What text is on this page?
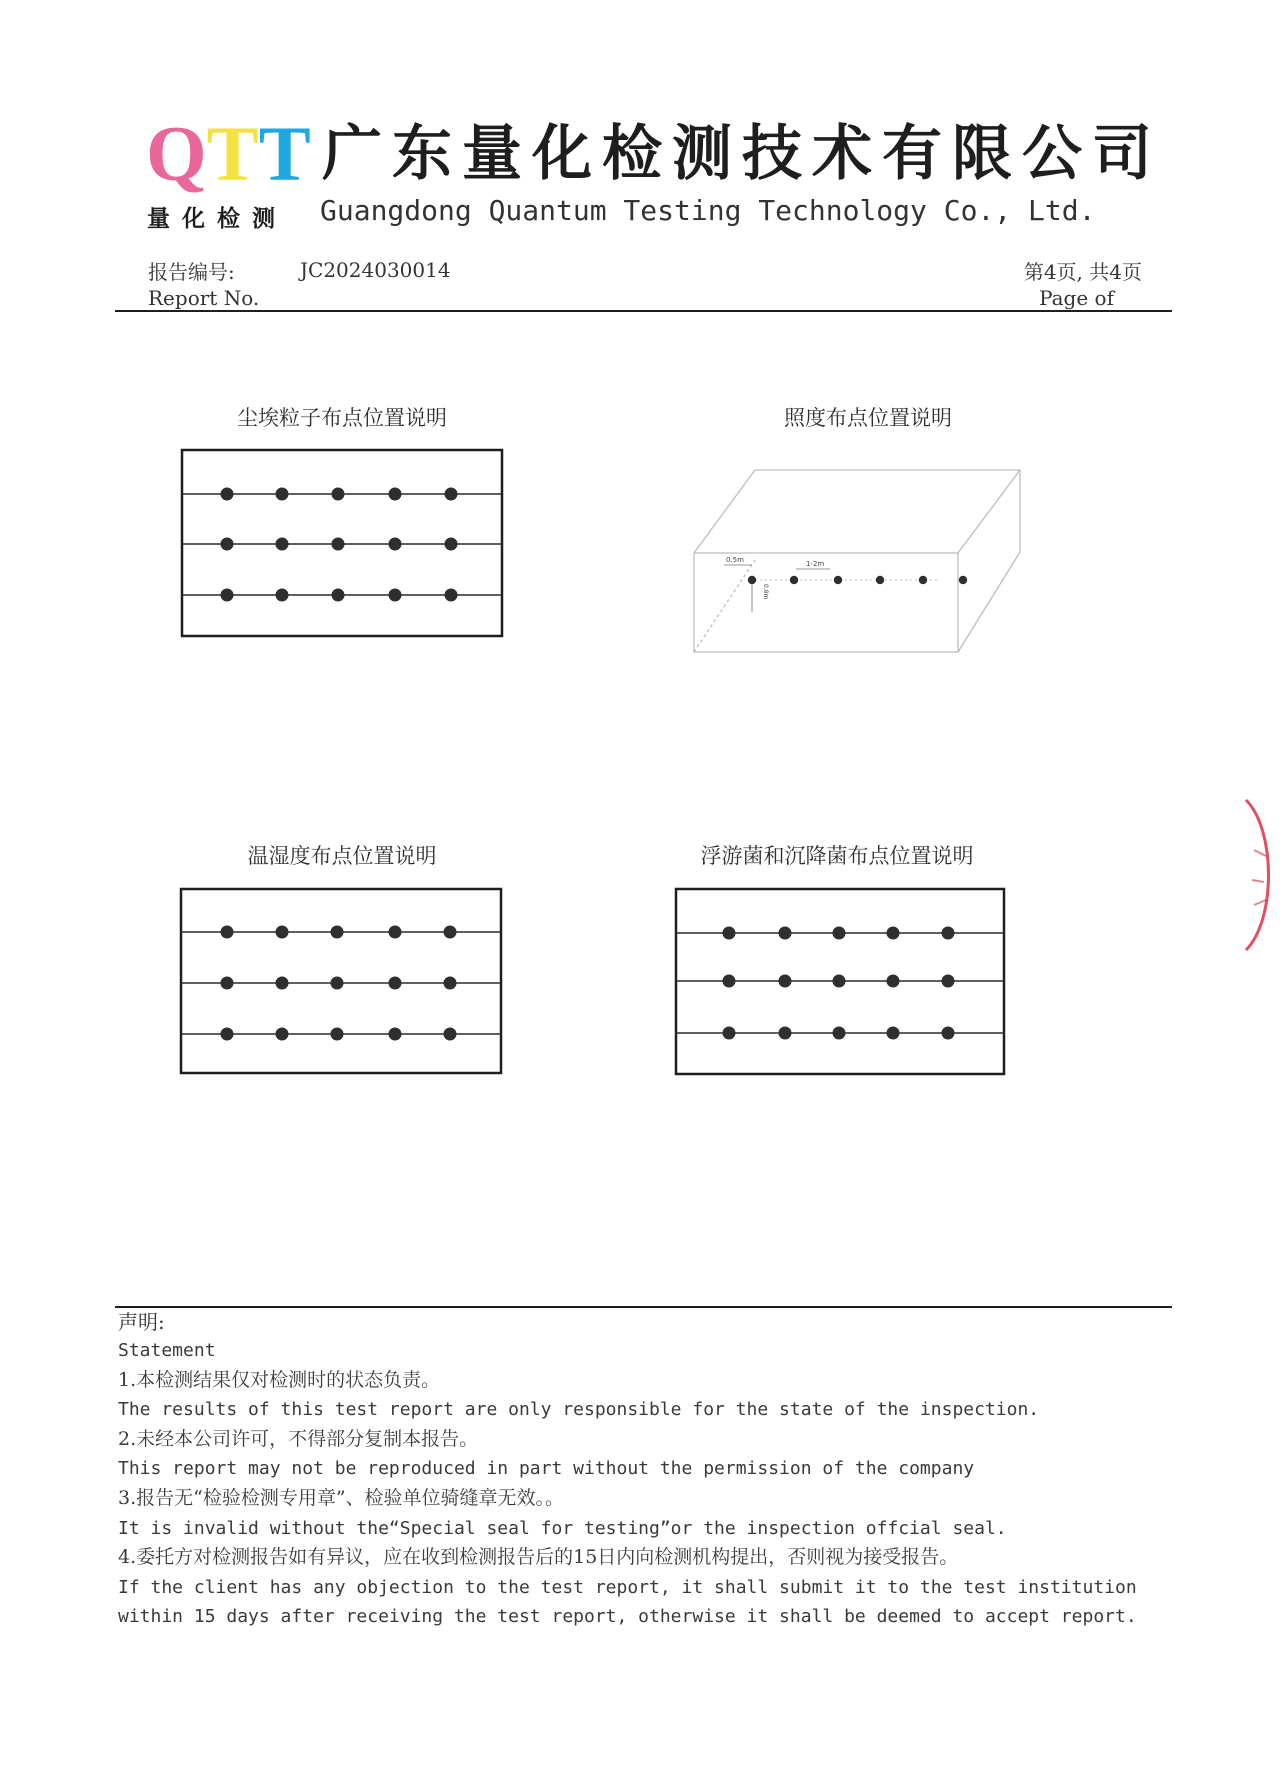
QTT
量化检测
广东量化检测技术有限公司
Guangdong Quantum Testing Technology Co., Ltd.
报告编号:
Report No.
JC2024030014	第4页, 共4页
Page of
尘埃粒子布点位置说明	照度布点位置说明
0.5m	1-2m
0.8m
温湿度布点位置说明	浮游菌和沉降菌布点位置说明
声明:
Statement
1.本检测结果仅对检测时的状态负责。
The results of this test report are only responsible for the state of the inspection.
2.未经本公司许可，不得部分复制本报告。
This report may not be reproduced in part without the permission of the company
3.报告无“检验检测专用章”、检验单位骑缝章无效。。
It is invalid without the“Special seal for testing”or the inspection offcial seal.
4.委托方对检测报告如有异议，应在收到检测报告后的15日内向检测机构提出，否则视为接受报告。
If the client has any objection to the test report, it shall submit it to the test institution
within 15 days after receiving the test report, otherwise it shall be deemed to accept report.
